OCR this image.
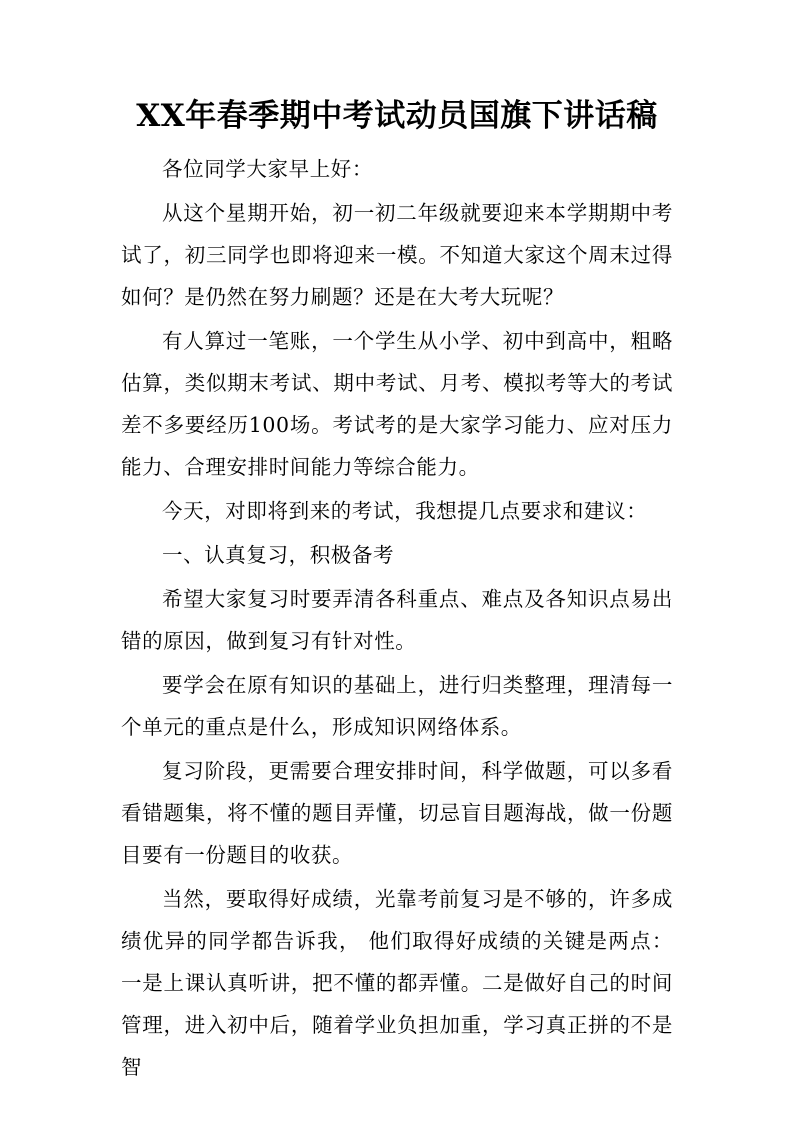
XX年春季期中考试动员国旗下讲话稿

各位同学大家早上好：

从这个星期开始，初一初二年级就要迎来本学期期中考试了，初三同学也即将迎来一模。不知道大家这个周末过得如何？是仍然在努力刷题？还是在大考大玩呢？

有人算过一笔账，一个学生从小学、初中到高中，粗略估算，类似期末考试、期中考试、月考、模拟考等大的考试差不多要经历100场。考试考的是大家学习能力、应对压力能力、合理安排时间能力等综合能力。

今天，对即将到来的考试，我想提几点要求和建议：

一、认真复习，积极备考

希望大家复习时要弄清各科重点、难点及各知识点易出错的原因，做到复习有针对性。

要学会在原有知识的基础上，进行归类整理，理清每一个单元的重点是什么，形成知识网络体系。

复习阶段，更需要合理安排时间，科学做题，可以多看看错题集，将不懂的题目弄懂，切忌盲目题海战，做一份题目要有一份题目的收获。

当然，要取得好成绩，光靠考前复习是不够的，许多成绩优异的同学都告诉我， 他们取得好成绩的关键是两点：一是上课认真听讲，把不懂的都弄懂。二是做好自己的时间管理，进入初中后，随着学业负担加重，学习真正拼的不是智
